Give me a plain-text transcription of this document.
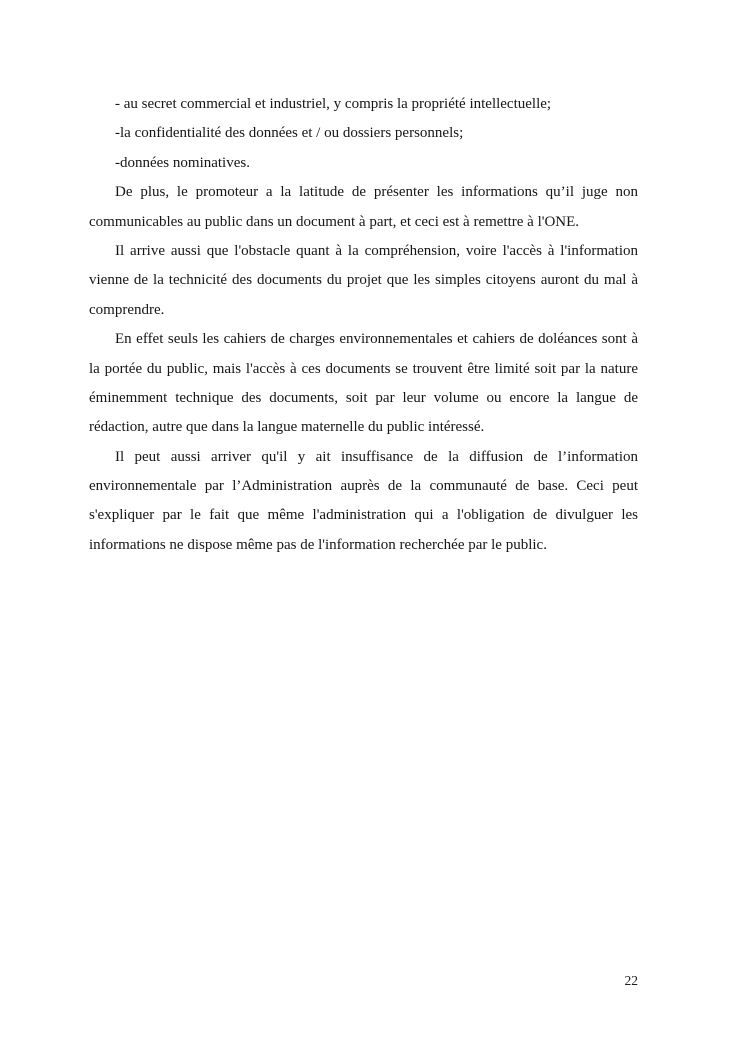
- au secret commercial et industriel, y compris la propriété intellectuelle;
-la confidentialité des données et / ou dossiers personnels;
-données nominatives.
De plus, le promoteur a la latitude de présenter les informations qu’il juge non
communicables au public dans un document à part, et ceci est à remettre à l'ONE.
Il arrive aussi que l'obstacle quant à la compréhension, voire l'accès à l'information
vienne de la technicité des documents du projet que les simples citoyens auront du mal à
comprendre.
En effet seuls les cahiers de charges environnementales et cahiers de doléances sont à
la portée du public, mais l'accès à ces documents se trouvent être limité soit par la nature
éminemment technique des documents, soit par leur volume ou encore la langue de
rédaction, autre que dans la langue maternelle du public intéressé.
Il peut aussi arriver qu'il y ait insuffisance de la diffusion de l’information
environnementale par l’Administration auprès de la communauté de base. Ceci peut
s'expliquer par le fait que même l'administration qui a l'obligation de divulguer les
informations ne dispose même pas de l'information recherchée par le public.
22
